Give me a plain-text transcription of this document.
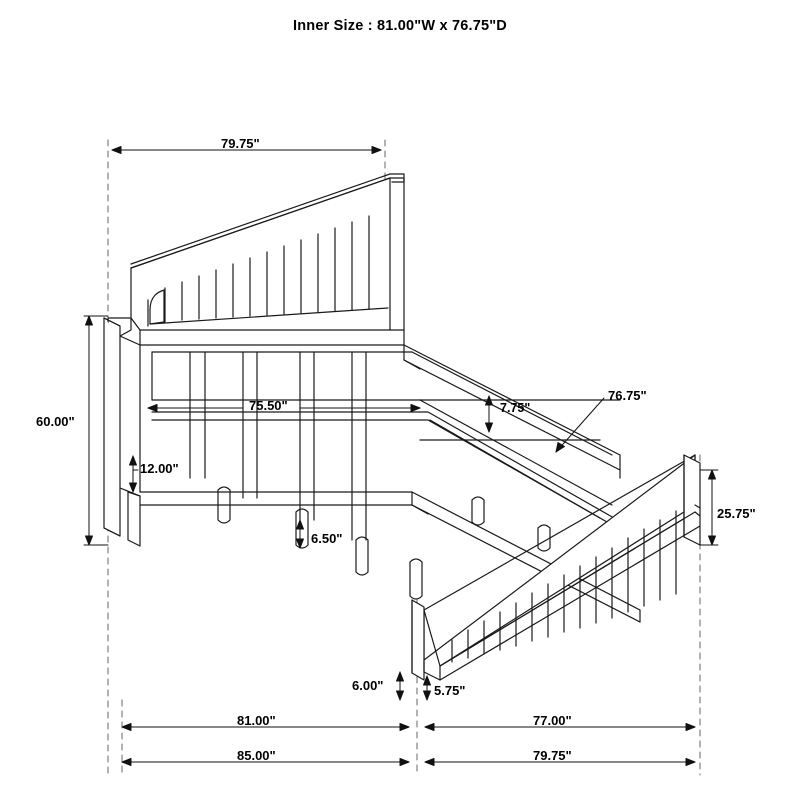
Inner Size : 81.00"W x 76.75"D
79.75"
60.00"
75.50"
12.00"
7.75"
76.75"
25.75"
6.50"
6.00"	5.75"
81.00"	77.00"
85.00"	79.75"
